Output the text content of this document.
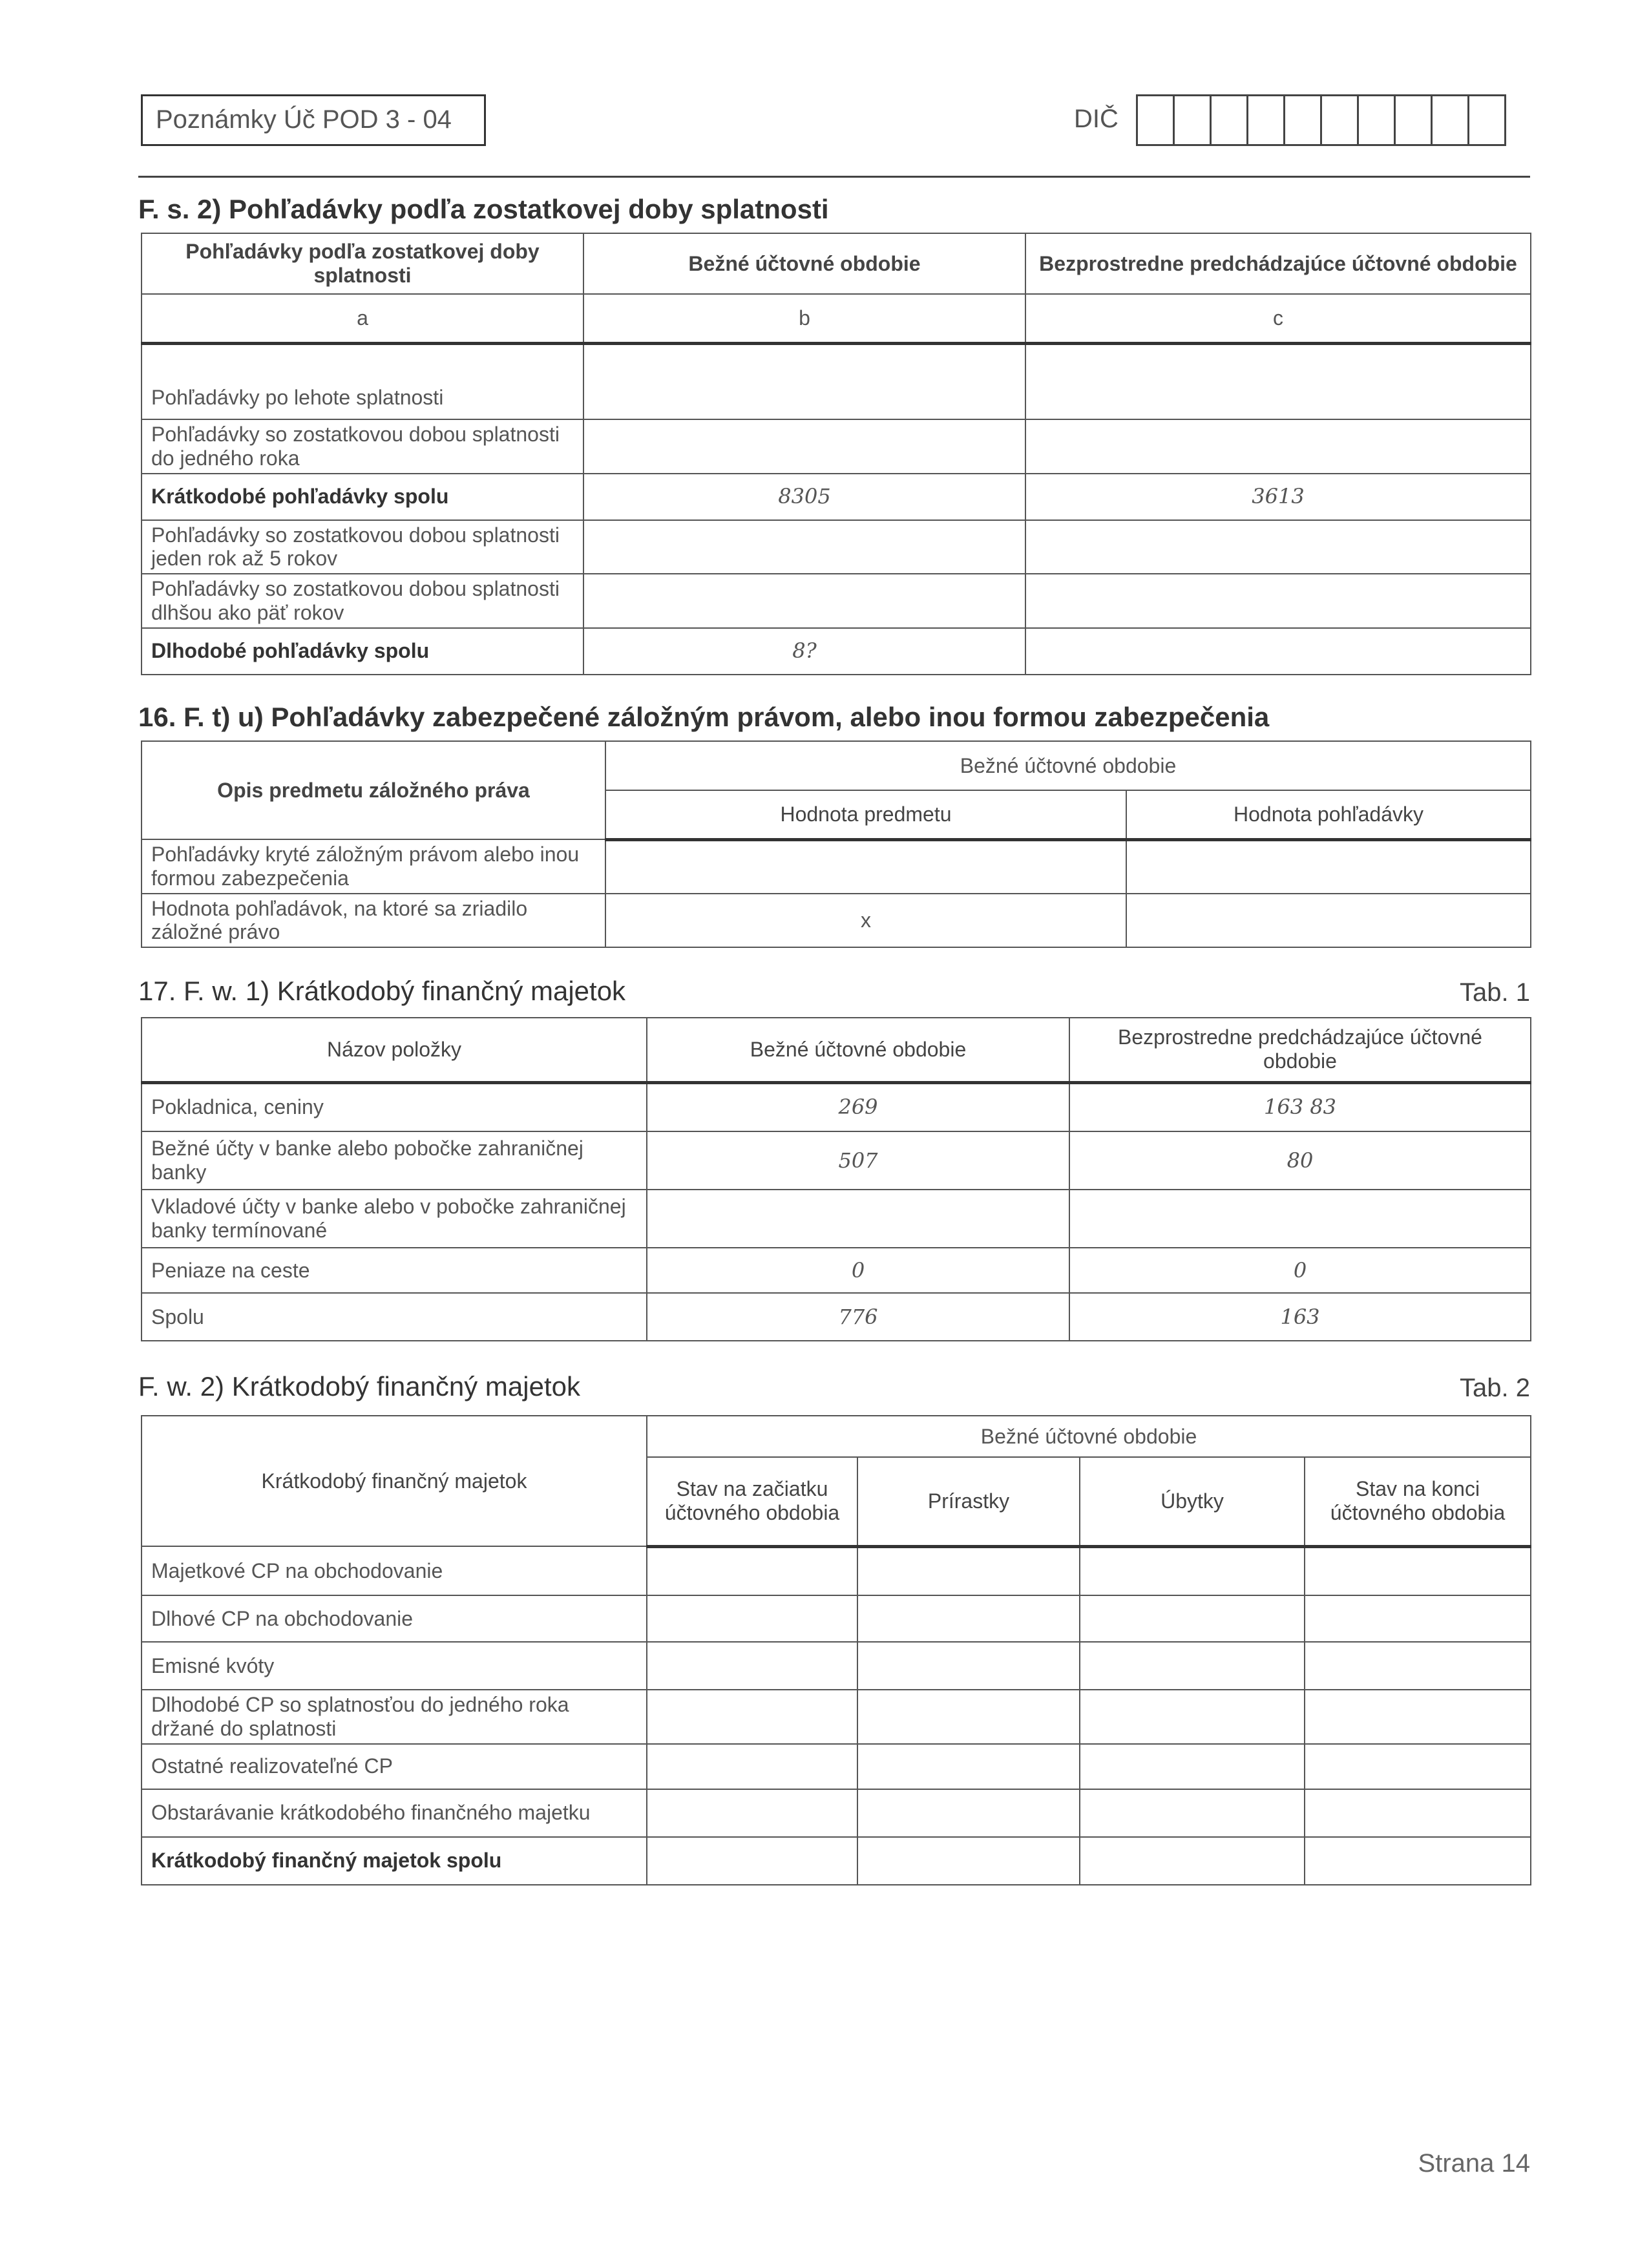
Poznámky Úč POD 3 - 04	DIČ
F. s. 2) Pohľadávky podľa zostatkovej doby splatnosti
Pohľadávky podľa zostatkovej doby splatnosti	Bežné účtovné obdobie	Bezprostredne predchádzajúce účtovné obdobie
a	b	c
Pohľadávky po lehote splatnosti		
Pohľadávky so zostatkovou dobou splatnosti do jedného roka		
Krátkodobé pohľadávky spolu	8305	3613
Pohľadávky so zostatkovou dobou splatnosti jeden rok až 5 rokov		
Pohľadávky so zostatkovou dobou splatnosti dlhšou ako päť rokov		
Dlhodobé pohľadávky spolu	8?	
16. F. t) u) Pohľadávky zabezpečené záložným právom, alebo inou formou zabezpečenia
Opis predmetu záložného práva	Bežné účtovné obdobie	
	Hodnota predmetu	Hodnota pohľadávky
Pohľadávky kryté záložným právom alebo inou formou zabezpečenia		
Hodnota pohľadávok, na ktoré sa zriadilo záložné právo	x	
17. F. w. 1) Krátkodobý finančný majetok	Tab. 1
Názov položky	Bežné účtovné obdobie	Bezprostredne predchádzajúce účtovné obdobie
Pokladnica, ceniny	269	163 83
Bežné účty v banke alebo pobočke zahraničnej banky	507	80
Vkladové účty v banke alebo v pobočke zahraničnej banky termínované		
Peniaze na ceste	0	0
Spolu	776	163
F. w. 2) Krátkodobý finančný majetok	Tab. 2
Krátkodobý finančný majetok	Bežné účtovné obdobie			
	Stav na začiatku účtovného obdobia	Prírastky	Úbytky	Stav na konci účtovného obdobia
Majetkové CP na obchodovanie				
Dlhové CP na obchodovanie				
Emisné kvóty				
Dlhodobé CP so splatnosťou do jedného roka držané do splatnosti				
Ostatné realizovateľné CP				
Obstarávanie krátkodobého finančného majetku				
Krátkodobý finančný majetok spolu				
Strana 14
